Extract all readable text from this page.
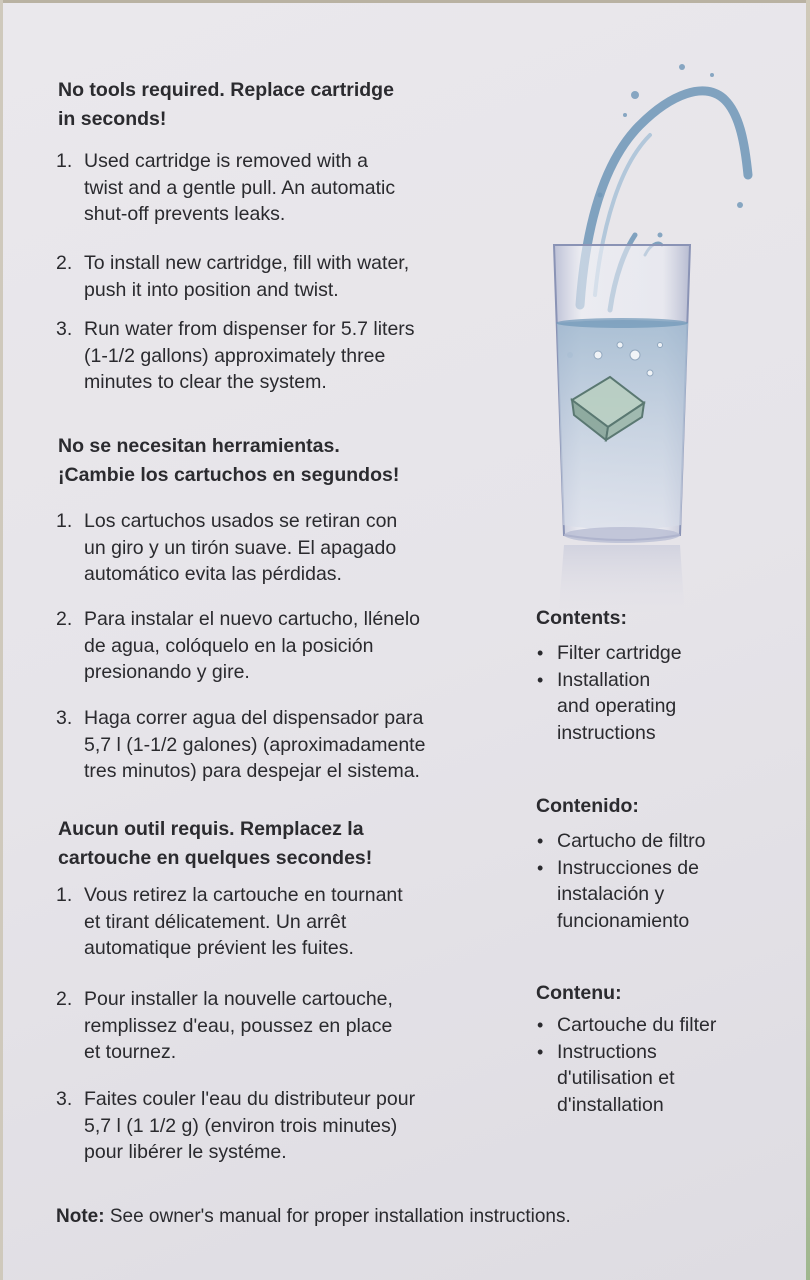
No tools required. Replace cartridge
in seconds!
1. Used cartridge is removed with a
twist and a gentle pull. An automatic
shut-off prevents leaks.
2. To install new cartridge, fill with water,
push it into position and twist.
3. Run water from dispenser for 5.7 liters
(1-1/2 gallons) approximately three
minutes to clear the system.
No se necesitan herramientas.
¡Cambie los cartuchos en segundos!
1. Los cartuchos usados se retiran con
un giro y un tirón suave. El apagado
automático evita las pérdidas.
2. Para instalar el nuevo cartucho, llénelo
de agua, colóquelo en la posición
presionando y gire.
3. Haga correr agua del dispensador para
5,7 l (1-1/2 galones) (aproximadamente
tres minutos) para despejar el sistema.
Aucun outil requis. Remplacez la
cartouche en quelques secondes!
1. Vous retirez la cartouche en tournant
et tirant délicatement. Un arrêt
automatique prévient les fuites.
2. Pour installer la nouvelle cartouche,
remplissez d'eau, poussez en place
et tournez.
3. Faites couler l'eau du distributeur pour
5,7 l (1 1/2 g) (environ trois minutes)
pour libérer le systéme.
Contents:
• Filter cartridge
• Installation
and operating
instructions
Contenido:
• Cartucho de filtro
• Instrucciones de
instalación y
funcionamiento
Contenu:
• Cartouche du filter
• Instructions
d'utilisation et
d'installation
Note: See owner's manual for proper installation instructions.
